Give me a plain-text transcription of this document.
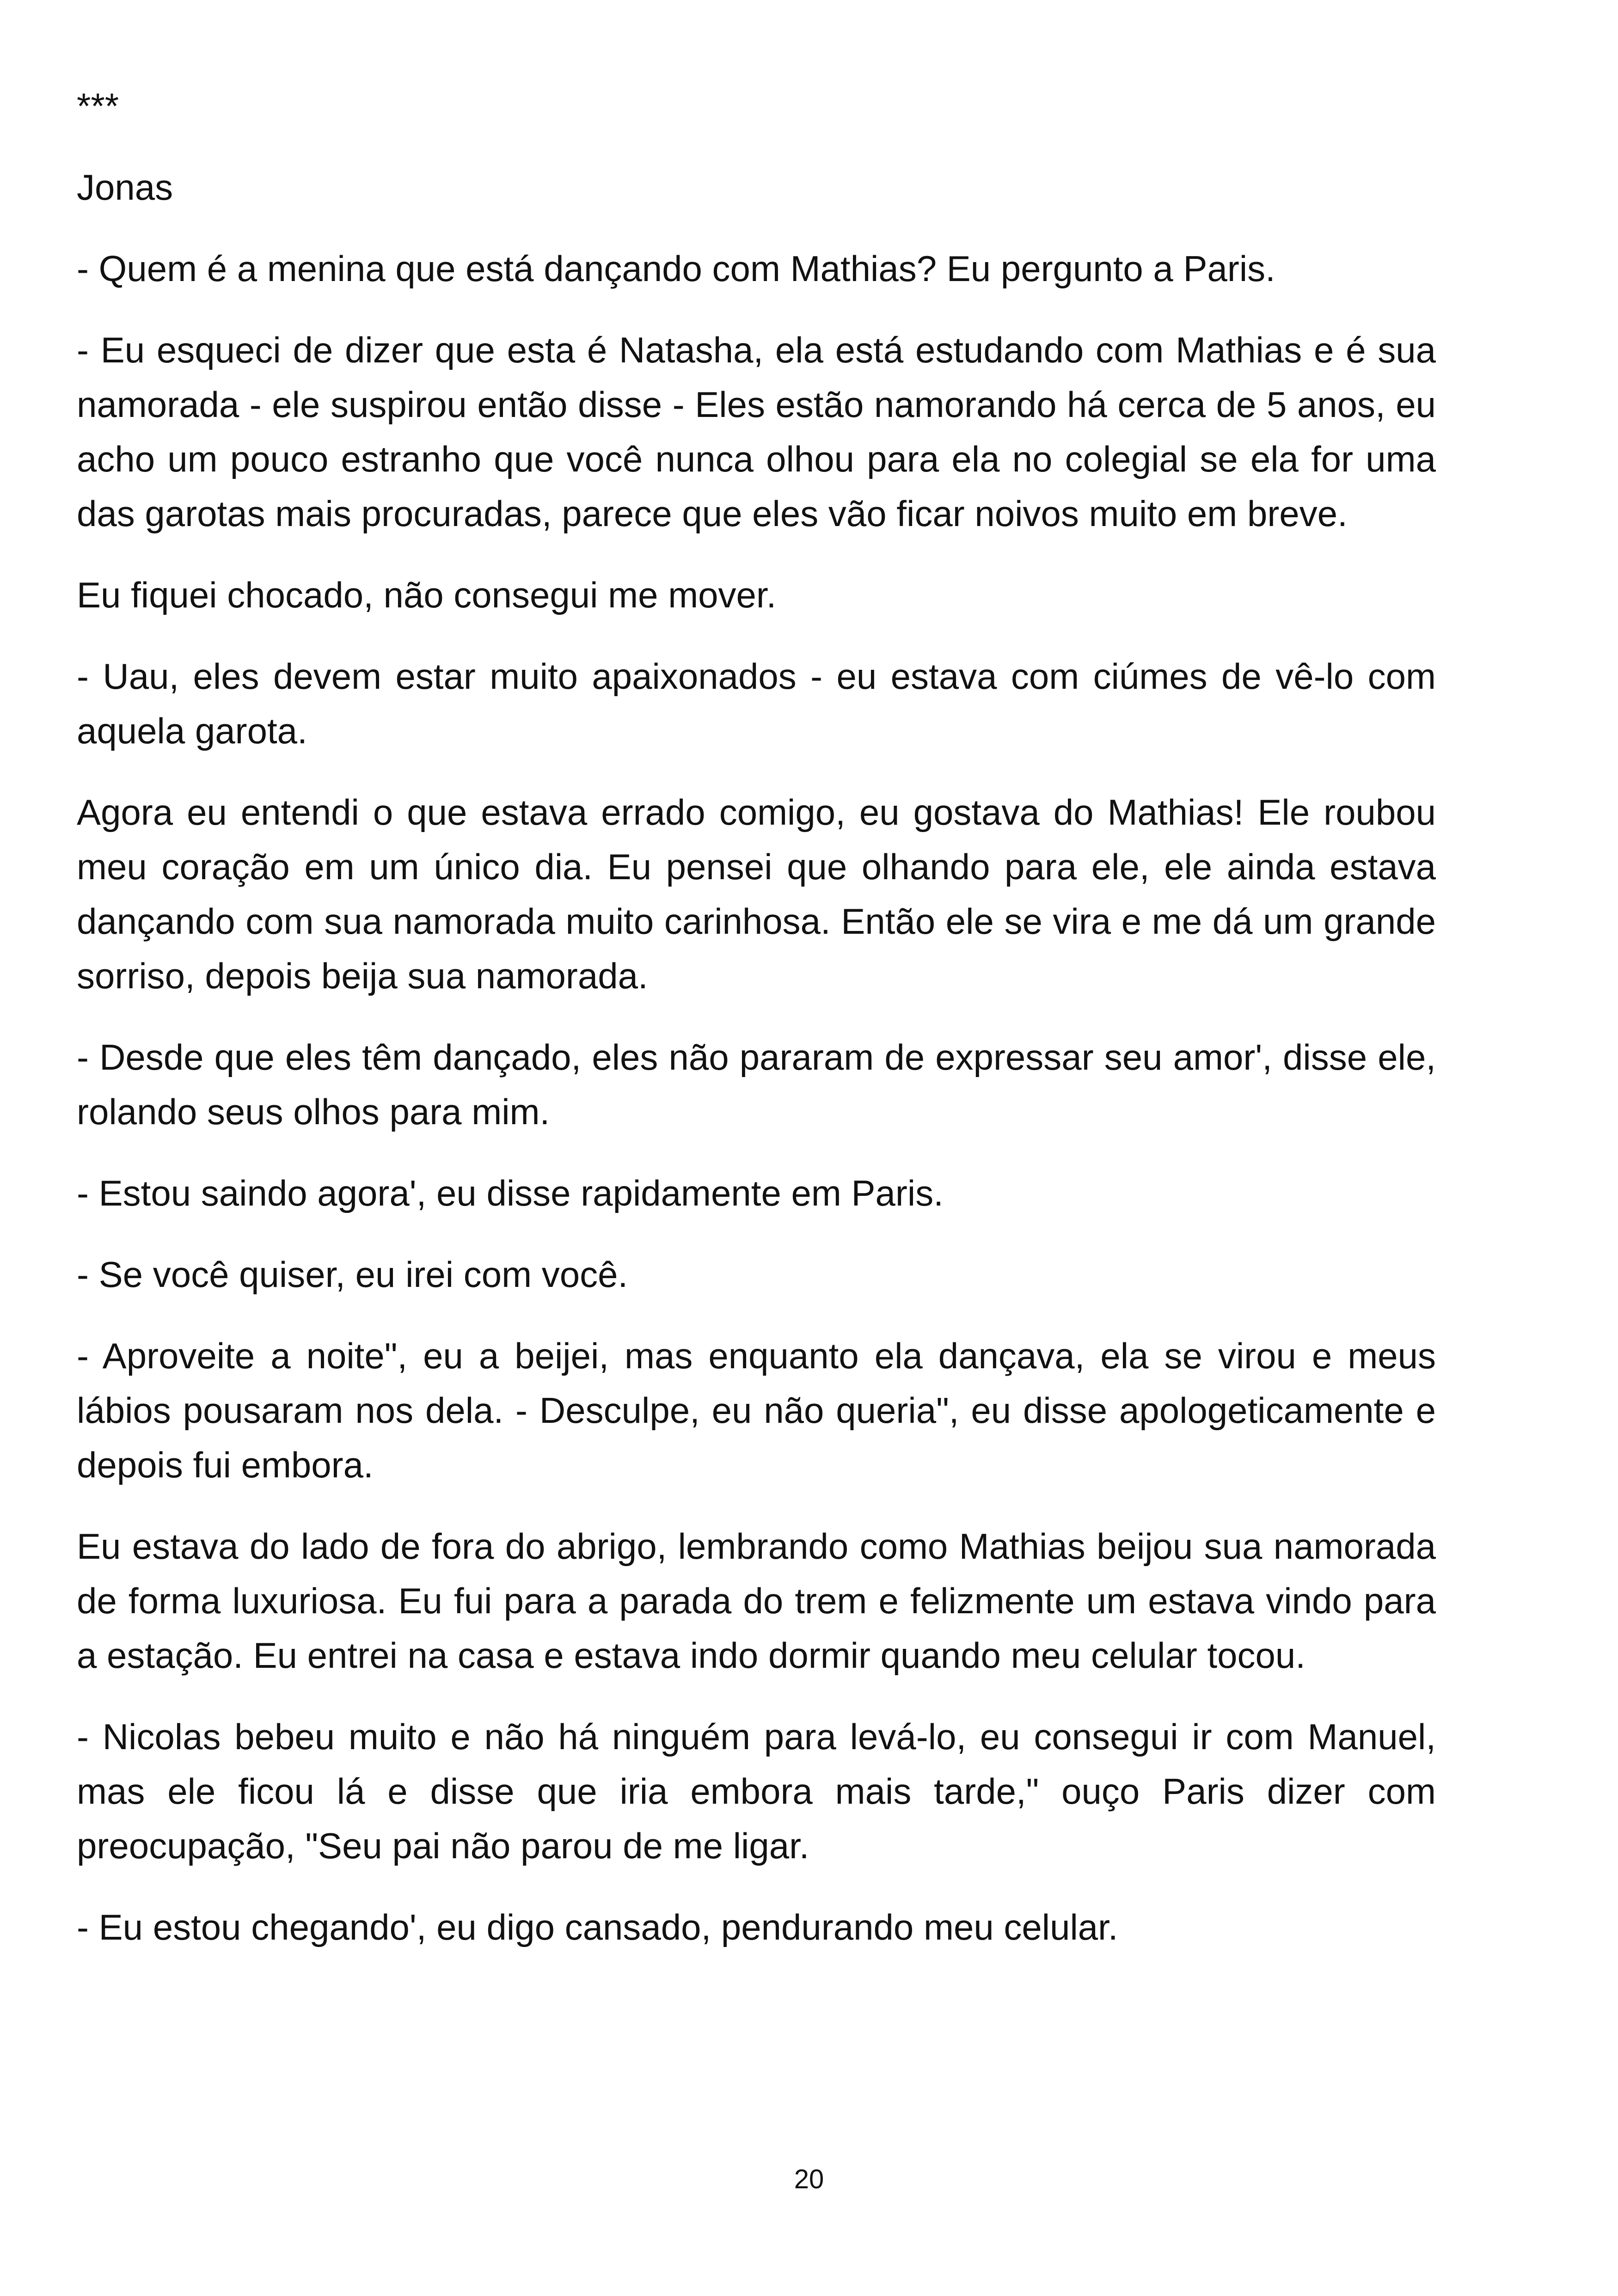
***

Jonas

- Quem é a menina que está dançando com Mathias? Eu pergunto a Paris.

- Eu esqueci de dizer que esta é Natasha, ela está estudando com Mathias e é sua namorada - ele suspirou então disse - Eles estão namorando há cerca de 5 anos, eu acho um pouco estranho que você nunca olhou para ela no colegial se ela for uma das garotas mais procuradas, parece que eles vão ficar noivos muito em breve.

Eu fiquei chocado, não consegui me mover.

- Uau, eles devem estar muito apaixonados - eu estava com ciúmes de vê-lo com aquela garota.

Agora eu entendi o que estava errado comigo, eu gostava do Mathias! Ele roubou meu coração em um único dia. Eu pensei que olhando para ele, ele ainda estava dançando com sua namorada muito carinhosa. Então ele se vira e me dá um grande sorriso, depois beija sua namorada.

- Desde que eles têm dançado, eles não pararam de expressar seu amor', disse ele, rolando seus olhos para mim.

- Estou saindo agora', eu disse rapidamente em Paris.

- Se você quiser, eu irei com você.

- Aproveite a noite", eu a beijei, mas enquanto ela dançava, ela se virou e meus lábios pousaram nos dela. - Desculpe, eu não queria", eu disse apologeticamente e depois fui embora.

Eu estava do lado de fora do abrigo, lembrando como Mathias beijou sua namorada de forma luxuriosa. Eu fui para a parada do trem e felizmente um estava vindo para a estação. Eu entrei na casa e estava indo dormir quando meu celular tocou.

- Nicolas bebeu muito e não há ninguém para levá-lo, eu consegui ir com Manuel, mas ele ficou lá e disse que iria embora mais tarde," ouço Paris dizer com preocupação, "Seu pai não parou de me ligar.

- Eu estou chegando', eu digo cansado, pendurando meu celular.

20
